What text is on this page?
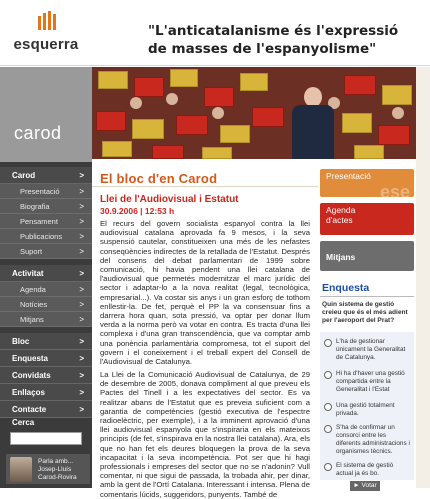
esquerra
"L'anticatalanisme és l'expressió
de masses de l'espanyolisme"
carod
Carod	>
Presentació >
Biografia	>
Pensament	>
Publicacions >
Suport	>
Activitat	>
Agenda	>
Notícies	>
Mitjans	>
Bloc	>
Enquesta	>
Convidats	>
Enllaços	>
Contacte	>
Cerca
Parla amb...
Josep-Lluís
Carod-Rovira
El bloc d'en Carod
Llei de l'Audiovisual i Estatut
30.9.2006 | 12:53 h

El recurs del govern socialista espanyol contra la llei audiovisual catalana aprovada fa 9 mesos, i la seva suspensió cautelar, constitueixen una més de les nefastes conseqüències indirectes de la retallada de l'Estatut. Després del consens del debat parlamentari de 1999 sobre comunicació, hi havia pendent una llei catalana de l'audiovisual que permetés modernitzar el marc jurídic del sector i adaptar-lo a la nova realitat (legal, tecnològica, empresarial...). Va costar sis anys i un gran esforç de tothom enllestir-la. De fet, perquè el PP la va consensuar fins a darrera hora quan, sota pressió, va optar per donar llum verda a la norma però va votar en contra. Es tracta d'una llei complexa i d'una gran transcendència, que va comptar amb una ponència parlamentària compromesa, tot el suport del govern i el coneixement i el treball expert del Consell de l'Audiovisual de Catalunya.

La Llei de la Comunicació Audiovisual de Catalunya, de 29 de desembre de 2005, donava compliment al que preveu els Pactes del Tinell i a les expectatives del sector. Es va realitzar abans de l'Estatut que es preveia suficient com a garantia de competències (gestió executiva de l'espectre radioelèctric, per exemple), i a la imminent aprovació d'una llei audiovisual espanyola que s'inspiraria en els mateixos principis (de fet, s'inspirava en la nostra llei catalana). Ara, els que no han fet els deures bloquegen la prova de la seva incapacitat i la seva incompetència. Pot ser que hi hagi professionals i empreses del sector que no se n'adonin? Vull comentar, ni que sigui de passada, la trobada ahir, per dinar, amb la gent de l'Ortí Catalana. Interessant i intensa. Plena de comentaris lúcids, suggeridors, punyents. També de

Presentació
ese
Agenda
d'actes
Mitjans
Enquesta
Quin sistema de gestió creieu que és el més adient per l'aeroport del Prat?
L'ha de gestionar únicament la Generalitat de Catalunya.
Hi ha d'haver una gestió compartida entre la Generalitat i l'Estat
Una gestió totalment privada.
S'ha de confirmar un consorci entre les diferents administracions i organismes tècnics.
El sistema de gestió actual ja és bo.
► Votar
